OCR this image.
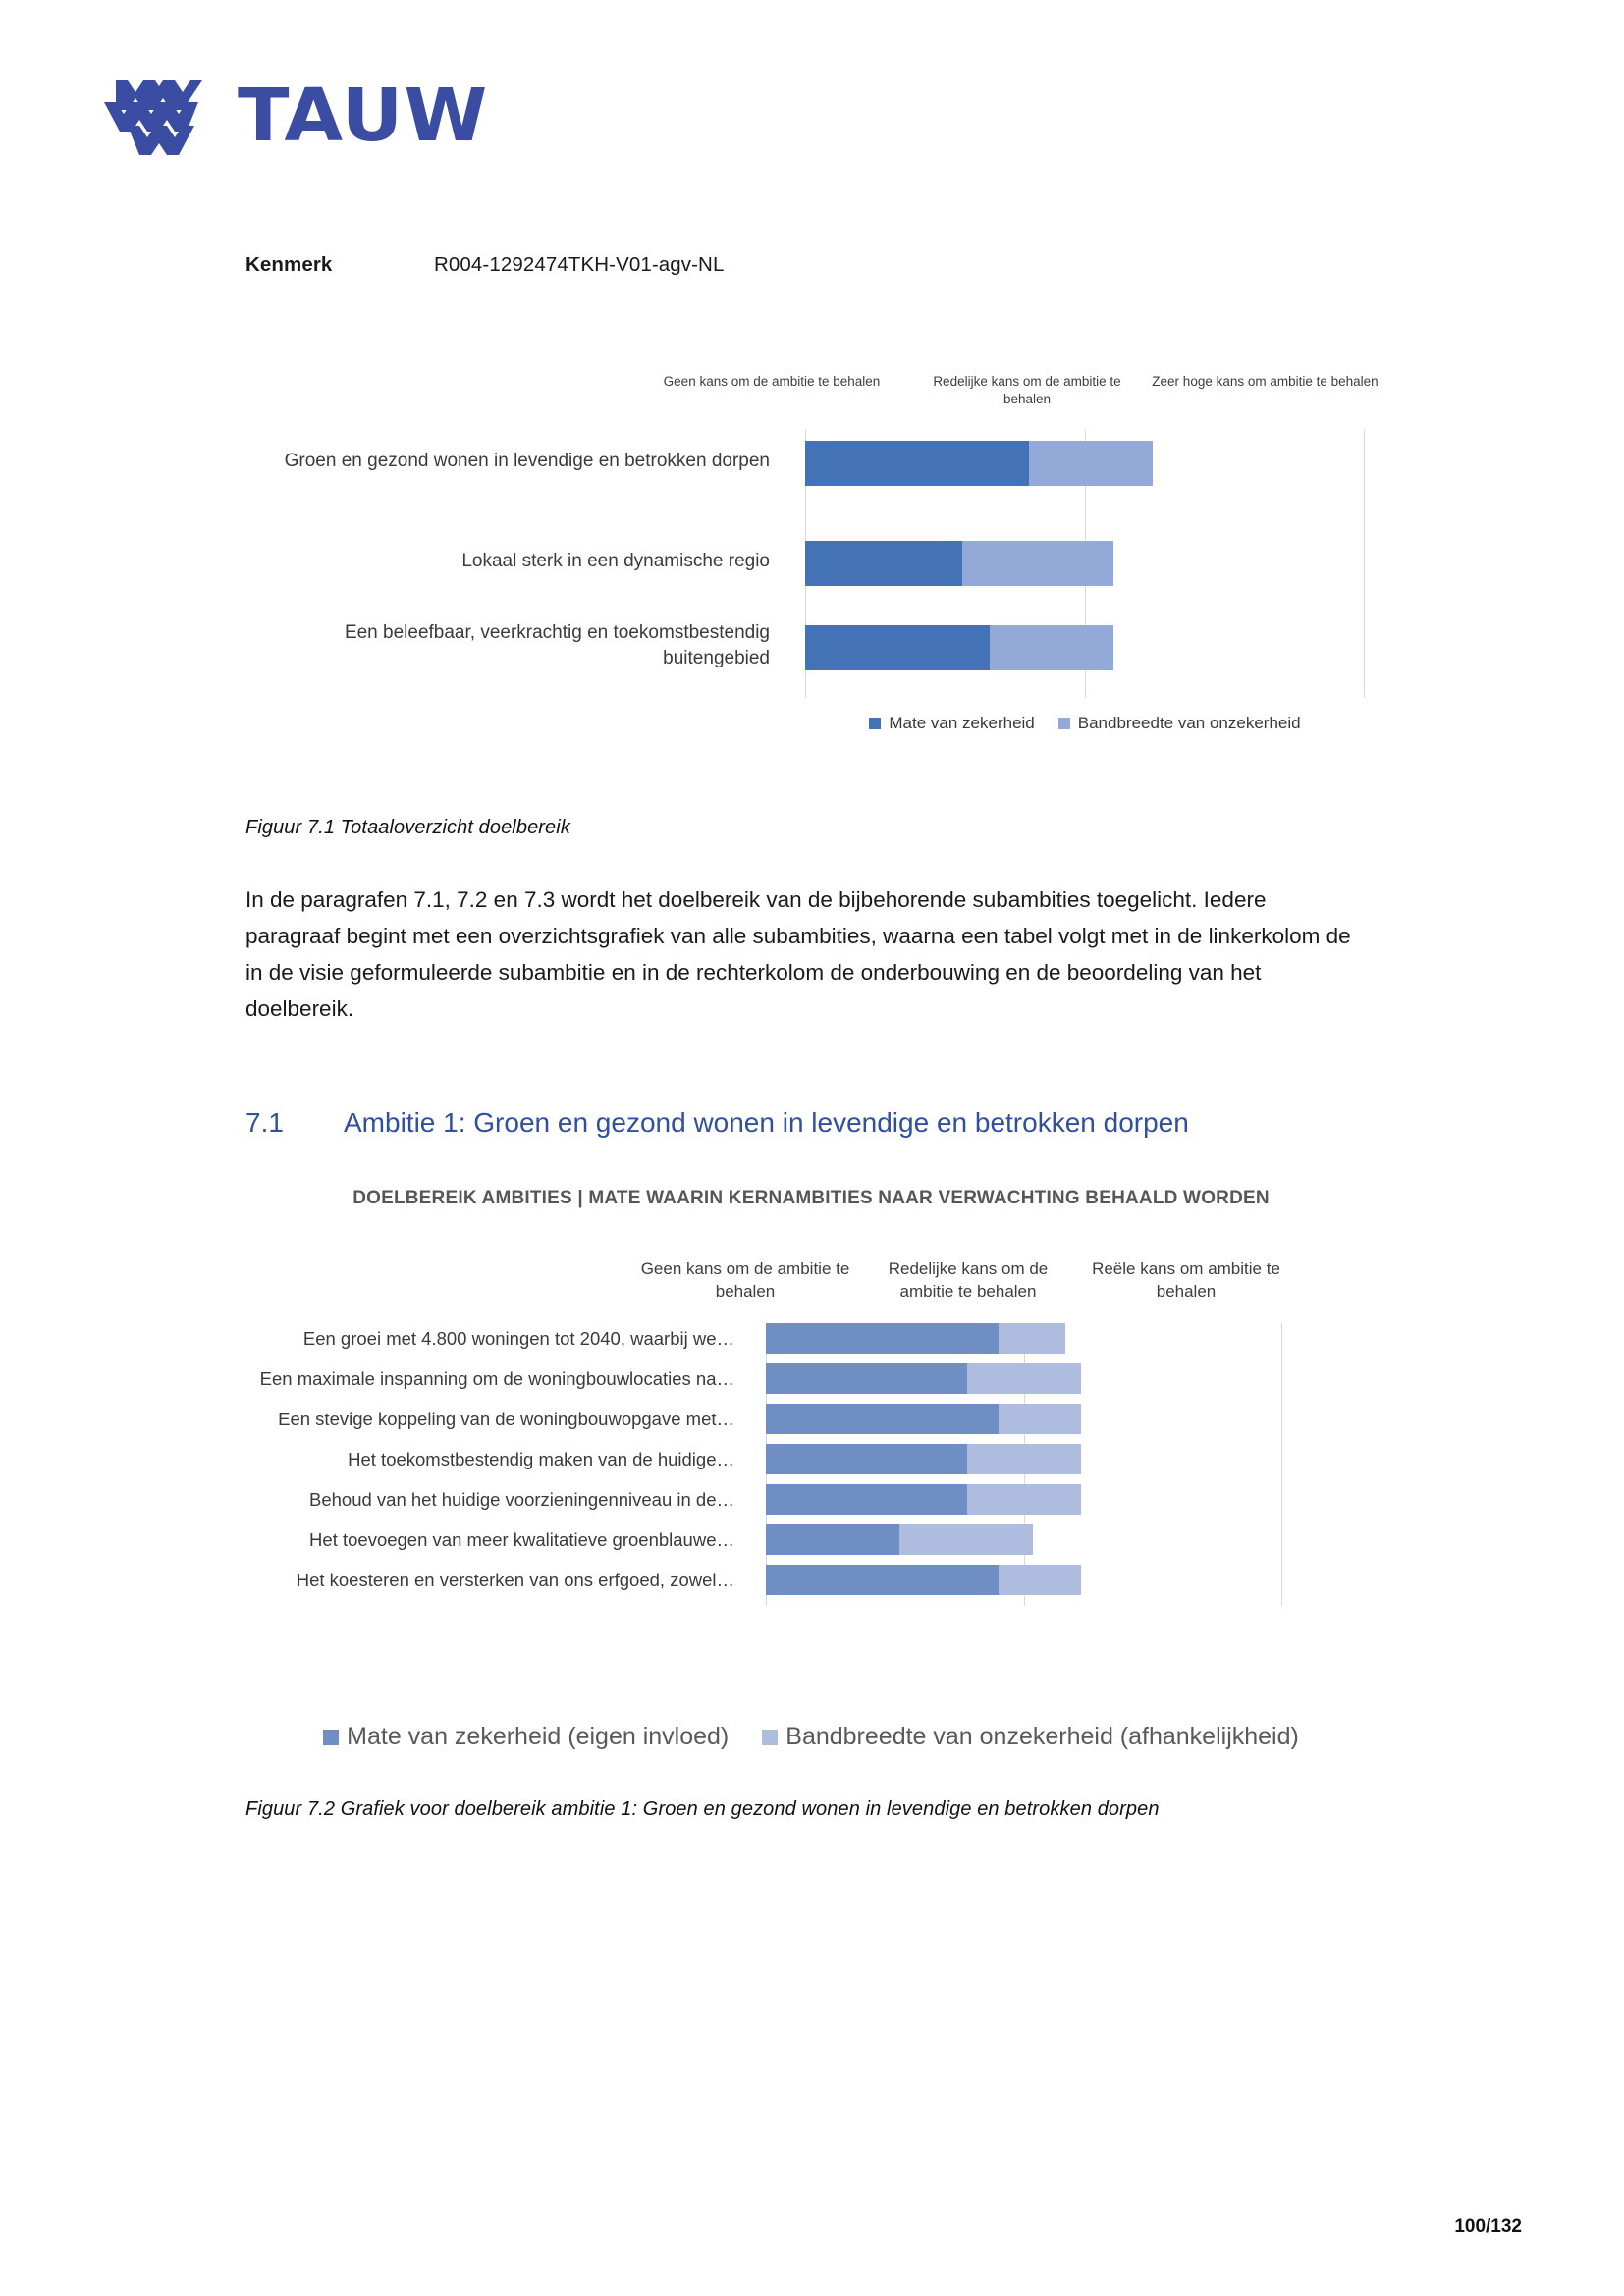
TAUW
Kenmerk	R004-1292474TKH-V01-agv-NL
Geen kans om de ambitie te behalen	Redelijke kans om de ambitie te behalen
Zeer hoge kans om ambitie te behalen
Groen en gezond wonen in levendige en betrokken dorpen
Lokaal sterk in een dynamische regio
Een beleefbaar, veerkrachtig en toekomstbestendig buitengebied
Mate van zekerheid	Bandbreedte van onzekerheid
Figuur 7.1 Totaaloverzicht doelbereik
In de paragrafen 7.1, 7.2 en 7.3 wordt het doelbereik van de bijbehorende subambities toegelicht. Iedere paragraaf begint met een overzichtsgrafiek van alle subambities, waarna een tabel volgt met in de linkerkolom de in de visie geformuleerde subambitie en in de rechterkolom de onderbouwing en de beoordeling van het doelbereik.
7.1	Ambitie 1: Groen en gezond wonen in levendige en betrokken dorpen
DOELBEREIK AMBITIES | MATE WAARIN KERNAMBITIES NAAR VERWACHTING BEHAALD WORDEN
Geen kans om de ambitie te behalen
Redelijke kans om de ambitie te behalen
Reële kans om ambitie te behalen
Een groei met 4.800 woningen tot 2040, waarbij we…
Een maximale inspanning om de woningbouwlocaties na…
Een stevige koppeling van de woningbouwopgave met…
Het toekomstbestendig maken van de huidige…
Behoud van het huidige voorzieningenniveau in de…
Het toevoegen van meer kwalitatieve groenblauwe…
Het koesteren en versterken van ons erfgoed, zowel…
Mate van zekerheid (eigen invloed) Bandbreedte van onzekerheid (afhankelijkheid)
Figuur 7.2 Grafiek voor doelbereik ambitie 1: Groen en gezond wonen in levendige en betrokken dorpen
100/132
